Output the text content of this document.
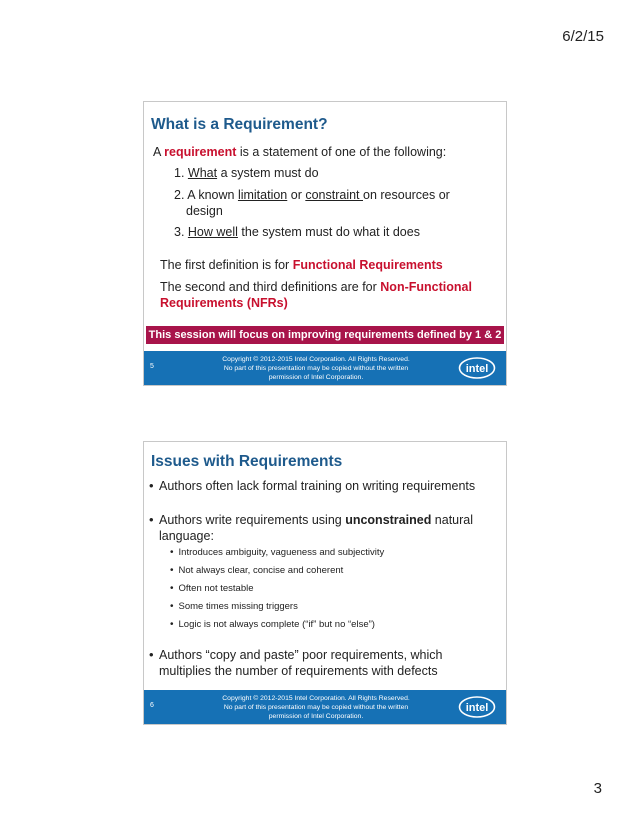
6/2/15
What is a Requirement?
A requirement is a statement of one of the following:
1. What a system must do
2. A known limitation or constraint on resources or
design
3. How well the system must do what it does
The first definition is for Functional Requirements
The second and third definitions are for Non-Functional
Requirements (NFRs)
This session will focus on improving requirements defined by 1 & 2
5
Copyright © 2012-2015 Intel Corporation. All Rights Reserved.
No part of this presentation may be copied without the written
permission of Intel Corporation.
intel
Issues with Requirements
• Authors often lack formal training on writing requirements
• Authors write requirements using unconstrained natural
language:
• Introduces ambiguity, vagueness and subjectivity
• Not always clear, concise and coherent
• Often not testable
• Some times missing triggers
• Logic is not always complete (“if” but no “else”)
• Authors “copy and paste” poor requirements, which
multiplies the number of requirements with defects
6
Copyright © 2012-2015 Intel Corporation. All Rights Reserved.
No part of this presentation may be copied without the written
permission of Intel Corporation.
intel
3
